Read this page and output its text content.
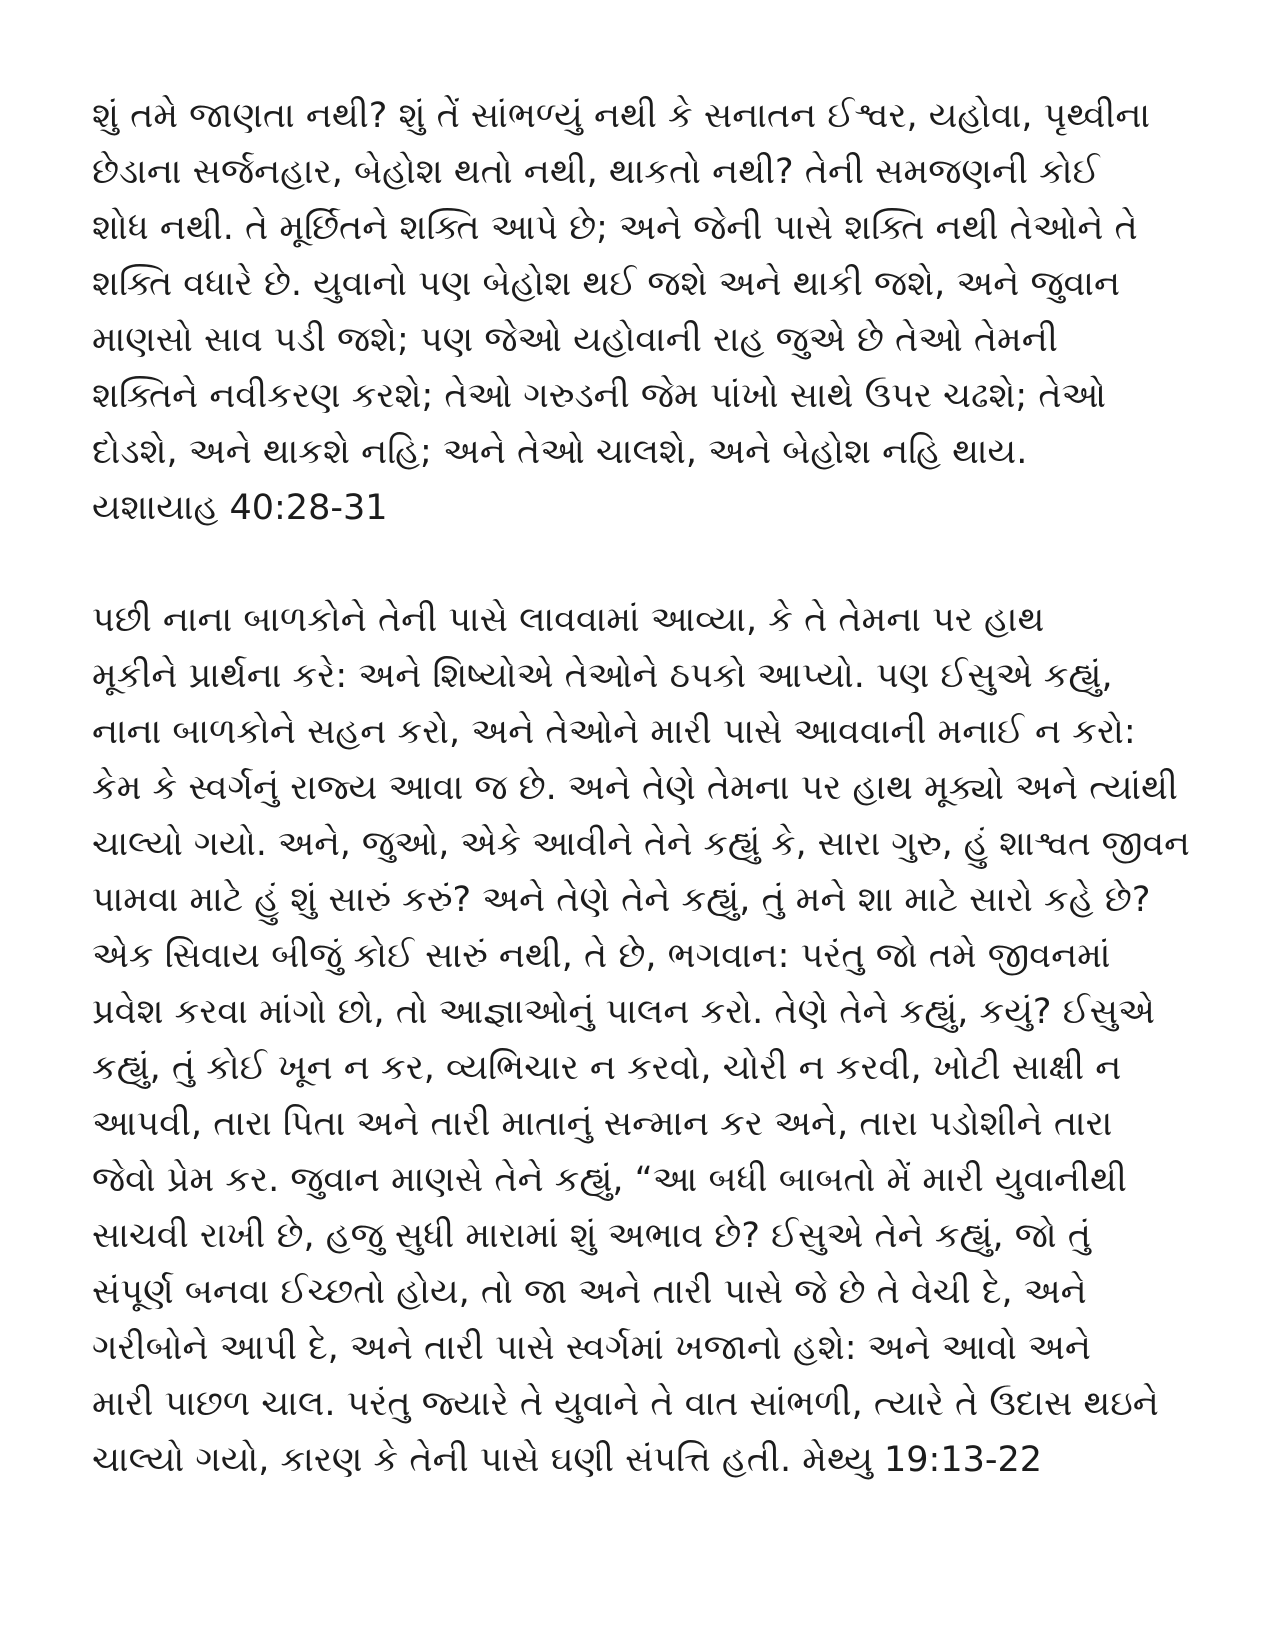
શું તમે જાણતા નથી? શું તેં સાંભળ્યું નથી કે સનાતન ઈશ્વર, યહોવા, પૃથ્વીના
છેડાના સર્જનહાર, બેહોશ થતો નથી, થાકતો નથી? તેની સમજણની કોઈ
શોધ નથી. તે મૂર્છિતને શક્તિ આપે છે; અને જેની પાસે શક્તિ નથી તેઓને તે
શક્તિ વધારે છે. યુવાનો પણ બેહોશ થઈ જશે અને થાકી જશે, અને જુવાન
માણસો સાવ પડી જશે; પણ જેઓ યહોવાની રાહ જુએ છે તેઓ તેમની
શક્તિને નવીકરણ કરશે; તેઓ ગરુડની જેમ પાંખો સાથે ઉપર ચઢશે; તેઓ
દોડશે, અને થાકશે નહિ; અને તેઓ ચાલશે, અને બેહોશ નહિ થાય.
યશાયાહ 40:28-31

પછી નાના બાળકોને તેની પાસે લાવવામાં આવ્યા, કે તે તેમના પર હાથ
મૂકીને પ્રાર્થના કરે: અને શિષ્યોએ તેઓને ઠપકો આપ્યો. પણ ઈસુએ કહ્યું,
નાના બાળકોને સહન કરો, અને તેઓને મારી પાસે આવવાની મનાઈ ન કરો:
કેમ કે સ્વર્ગનું રાજ્ય આવા જ છે. અને તેણે તેમના પર હાથ મૂક્યો અને ત્યાંથી
ચાલ્યો ગયો. અને, જુઓ, એકે આવીને તેને કહ્યું કે, સારા ગુરુ, હું શાશ્વત જીવન
પામવા માટે હું શું સારું કરું? અને તેણે તેને કહ્યું, તું મને શા માટે સારો કહે છે?
એક સિવાય બીજું કોઈ સારું નથી, તે છે, ભગવાન: પરંતુ જો તમે જીવનમાં
પ્રવેશ કરવા માંગો છો, તો આજ્ઞાઓનું પાલન કરો. તેણે તેને કહ્યું, કયું? ઈસુએ
કહ્યું, તું કોઈ ખૂન ન કર, વ્યભિચાર ન કરવો, ચોરી ન કરવી, ખોટી સાક્ષી ન
આપવી, તારા પિતા અને તારી માતાનું સન્માન કર અને, તારા પડોશીને તારા
જેવો પ્રેમ કર. જુવાન માણસે તેને કહ્યું, “આ બધી બાબતો મેં મારી યુવાનીથી
સાચવી રાખી છે, હજુ સુધી મારામાં શું અભાવ છે? ઈસુએ તેને કહ્યું, જો તું
સંપૂર્ણ બનવા ઈચ્છતો હોય, તો જા અને તારી પાસે જે છે તે વેચી દે, અને
ગરીબોને આપી દે, અને તારી પાસે સ્વર્ગમાં ખજાનો હશે: અને આવો અને
મારી પાછળ ચાલ. પરંતુ જ્યારે તે યુવાને તે વાત સાંભળી, ત્યારે તે ઉદાસ થઇને
ચાલ્યો ગયો, કારણ કે તેની પાસે ઘણી સંપત્તિ હતી. મેથ્યુ 19:13-22
